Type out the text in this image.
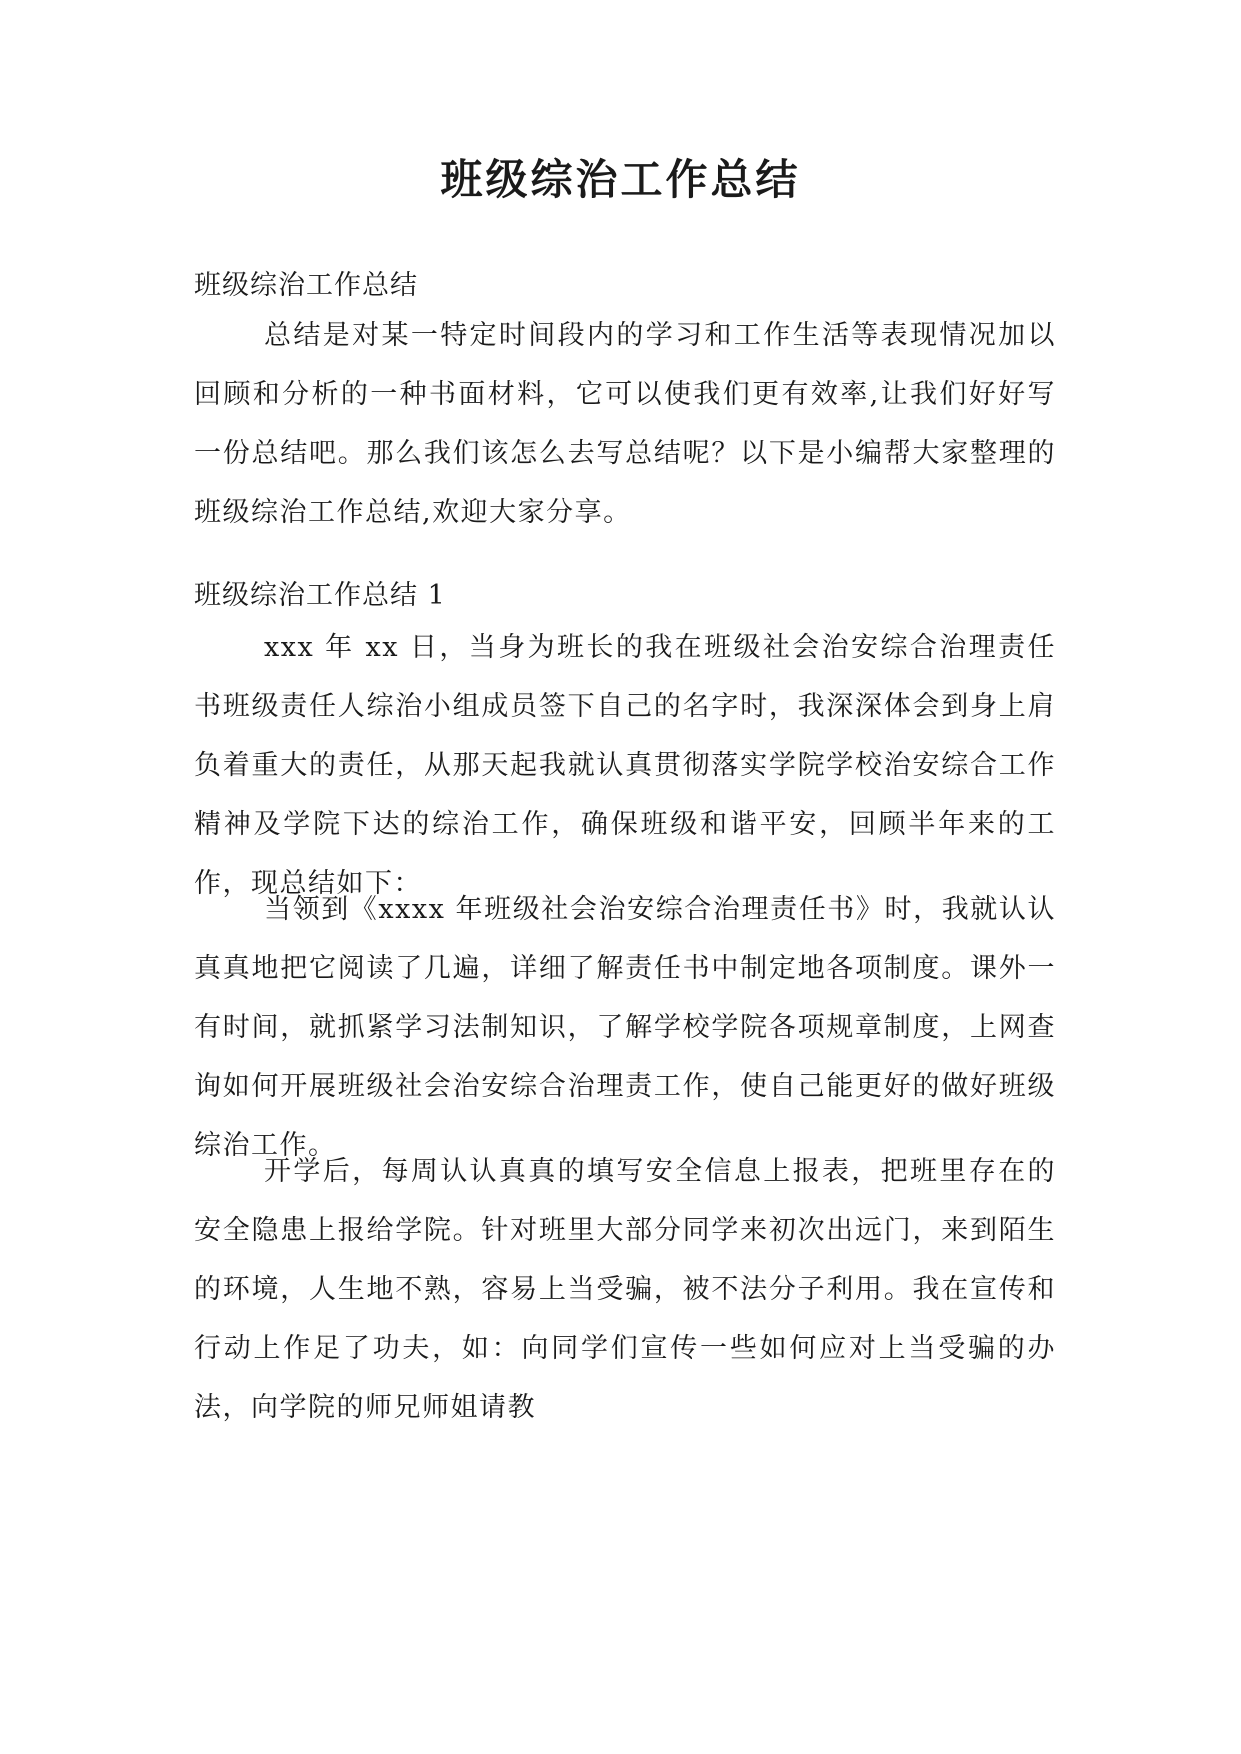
班级综治工作总结

班级综治工作总结

总结是对某一特定时间段内的学习和工作生活等表现情况加以回顾和分析的一种书面材料，它可以使我们更有效率,让我们好好写一份总结吧。那么我们该怎么去写总结呢？以下是小编帮大家整理的班级综治工作总结,欢迎大家分享。

班级综治工作总结 1

xxx 年 xx 日，当身为班长的我在班级社会治安综合治理责任书班级责任人综治小组成员签下自己的名字时，我深深体会到身上肩负着重大的责任，从那天起我就认真贯彻落实学院学校治安综合工作精神及学院下达的综治工作，确保班级和谐平安，回顾半年来的工作，现总结如下：

当领到《xxxx 年班级社会治安综合治理责任书》时，我就认认真真地把它阅读了几遍，详细了解责任书中制定地各项制度。课外一有时间，就抓紧学习法制知识，了解学校学院各项规章制度，上网查询如何开展班级社会治安综合治理责工作，使自己能更好的做好班级综治工作。

开学后，每周认认真真的填写安全信息上报表，把班里存在的安全隐患上报给学院。针对班里大部分同学来初次出远门，来到陌生的环境，人生地不熟，容易上当受骗，被不法分子利用。我在宣传和行动上作足了功夫，如：向同学们宣传一些如何应对上当受骗的办法，向学院的师兄师姐请教
